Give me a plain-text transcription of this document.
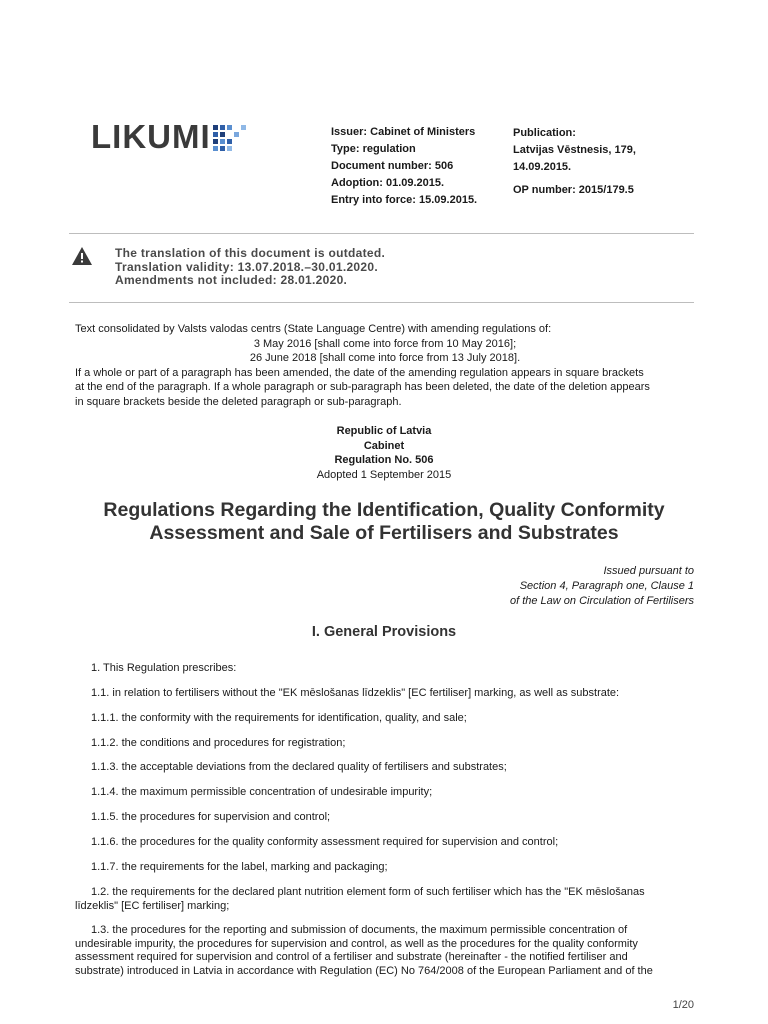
LIKUMI	Issuer: Cabinet of Ministers
Type: regulation
Document number: 506
Adoption: 01.09.2015.
Entry into force: 15.09.2015.
Publication:
Latvijas Vēstnesis, 179,
14.09.2015.
OP number: 2015/179.5
The translation of this document is outdated.
Translation validity: 13.07.2018.–30.01.2020.
Amendments not included: 28.01.2020.
Text consolidated by Valsts valodas centrs (State Language Centre) with amending regulations of:
3 May 2016 [shall come into force from 10 May 2016];
26 June 2018 [shall come into force from 13 July 2018].
If a whole or part of a paragraph has been amended, the date of the amending regulation appears in square brackets
at the end of the paragraph. If a whole paragraph or sub-paragraph has been deleted, the date of the deletion appears
in square brackets beside the deleted paragraph or sub-paragraph.
Republic of Latvia
Cabinet
Regulation No. 506
Adopted 1 September 2015
Regulations Regarding the Identification, Quality Conformity
Assessment and Sale of Fertilisers and Substrates
Issued pursuant to
Section 4, Paragraph one, Clause 1
of the Law on Circulation of Fertilisers
I. General Provisions
1. This Regulation prescribes:
1.1. in relation to fertilisers without the "EK mēslošanas līdzeklis" [EC fertiliser] marking, as well as substrate:
1.1.1. the conformity with the requirements for identification, quality, and sale;
1.1.2. the conditions and procedures for registration;
1.1.3. the acceptable deviations from the declared quality of fertilisers and substrates;
1.1.4. the maximum permissible concentration of undesirable impurity;
1.1.5. the procedures for supervision and control;
1.1.6. the procedures for the quality conformity assessment required for supervision and control;
1.1.7. the requirements for the label, marking and packaging;
1.2. the requirements for the declared plant nutrition element form of such fertiliser which has the "EK mēslošanas
līdzeklis" [EC fertiliser] marking;
1.3. the procedures for the reporting and submission of documents, the maximum permissible concentration of
undesirable impurity, the procedures for supervision and control, as well as the procedures for the quality conformity
assessment required for supervision and control of a fertiliser and substrate (hereinafter - the notified fertiliser and
substrate) introduced in Latvia in accordance with Regulation (EC) No 764/2008 of the European Parliament and of the
1/20
